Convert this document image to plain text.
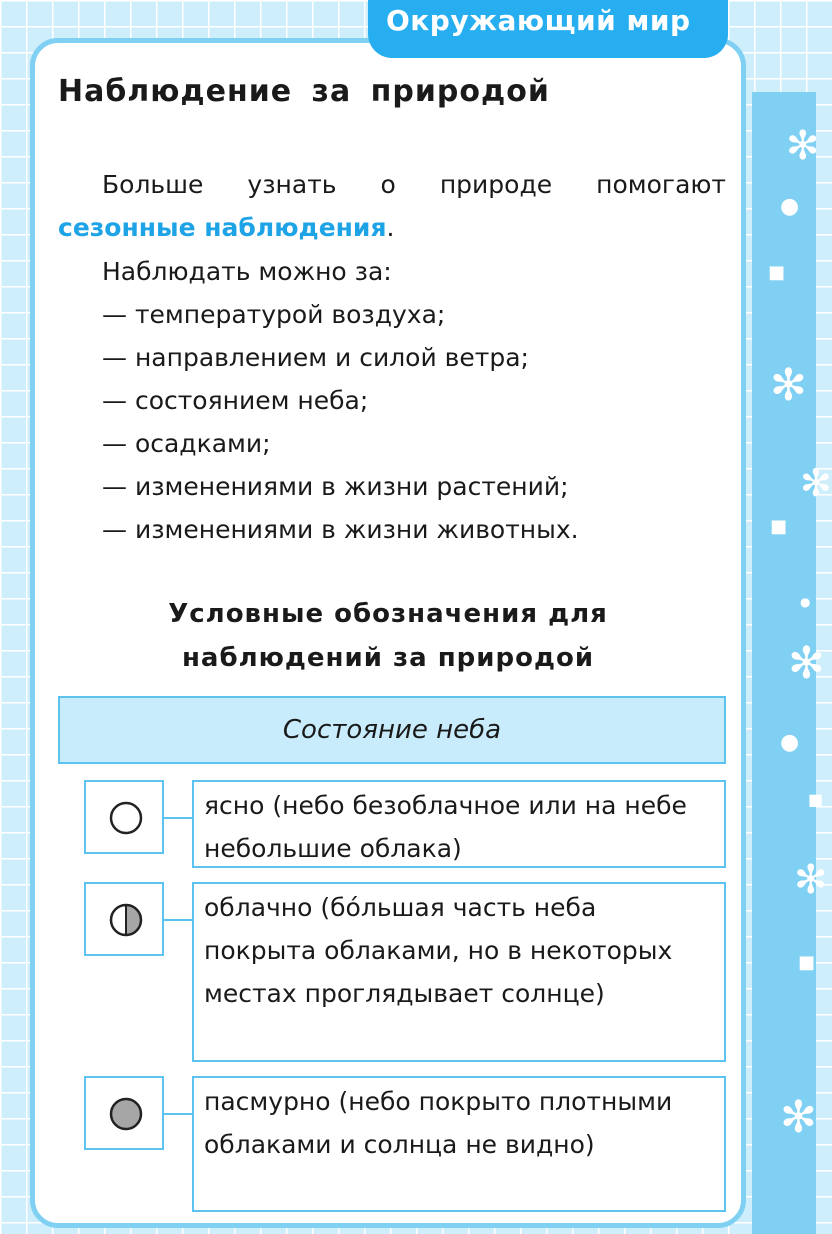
✻
●
■
✻
✻
■
●
✻
●
■
✻
■
✻
Окружающий мир
Наблюдение за природой
Больше узнать о природе помогают
сезонные наблюдения.
Наблюдать можно за:
— температурой воздуха;
— направлением и силой ветра;
— состоянием неба;
— осадками;
— изменениями в жизни растений;
— изменениями в жизни животных.
Условные обозначения для
наблюдений за природой
Состояние неба
ясно (небо безоблачное или на небе небольшие облака)
облачно (бóльшая часть неба покрыта облаками, но в некоторых местах проглядывает солнце)
пасмурно (небо покрыто плотными облаками и солнца не видно)
